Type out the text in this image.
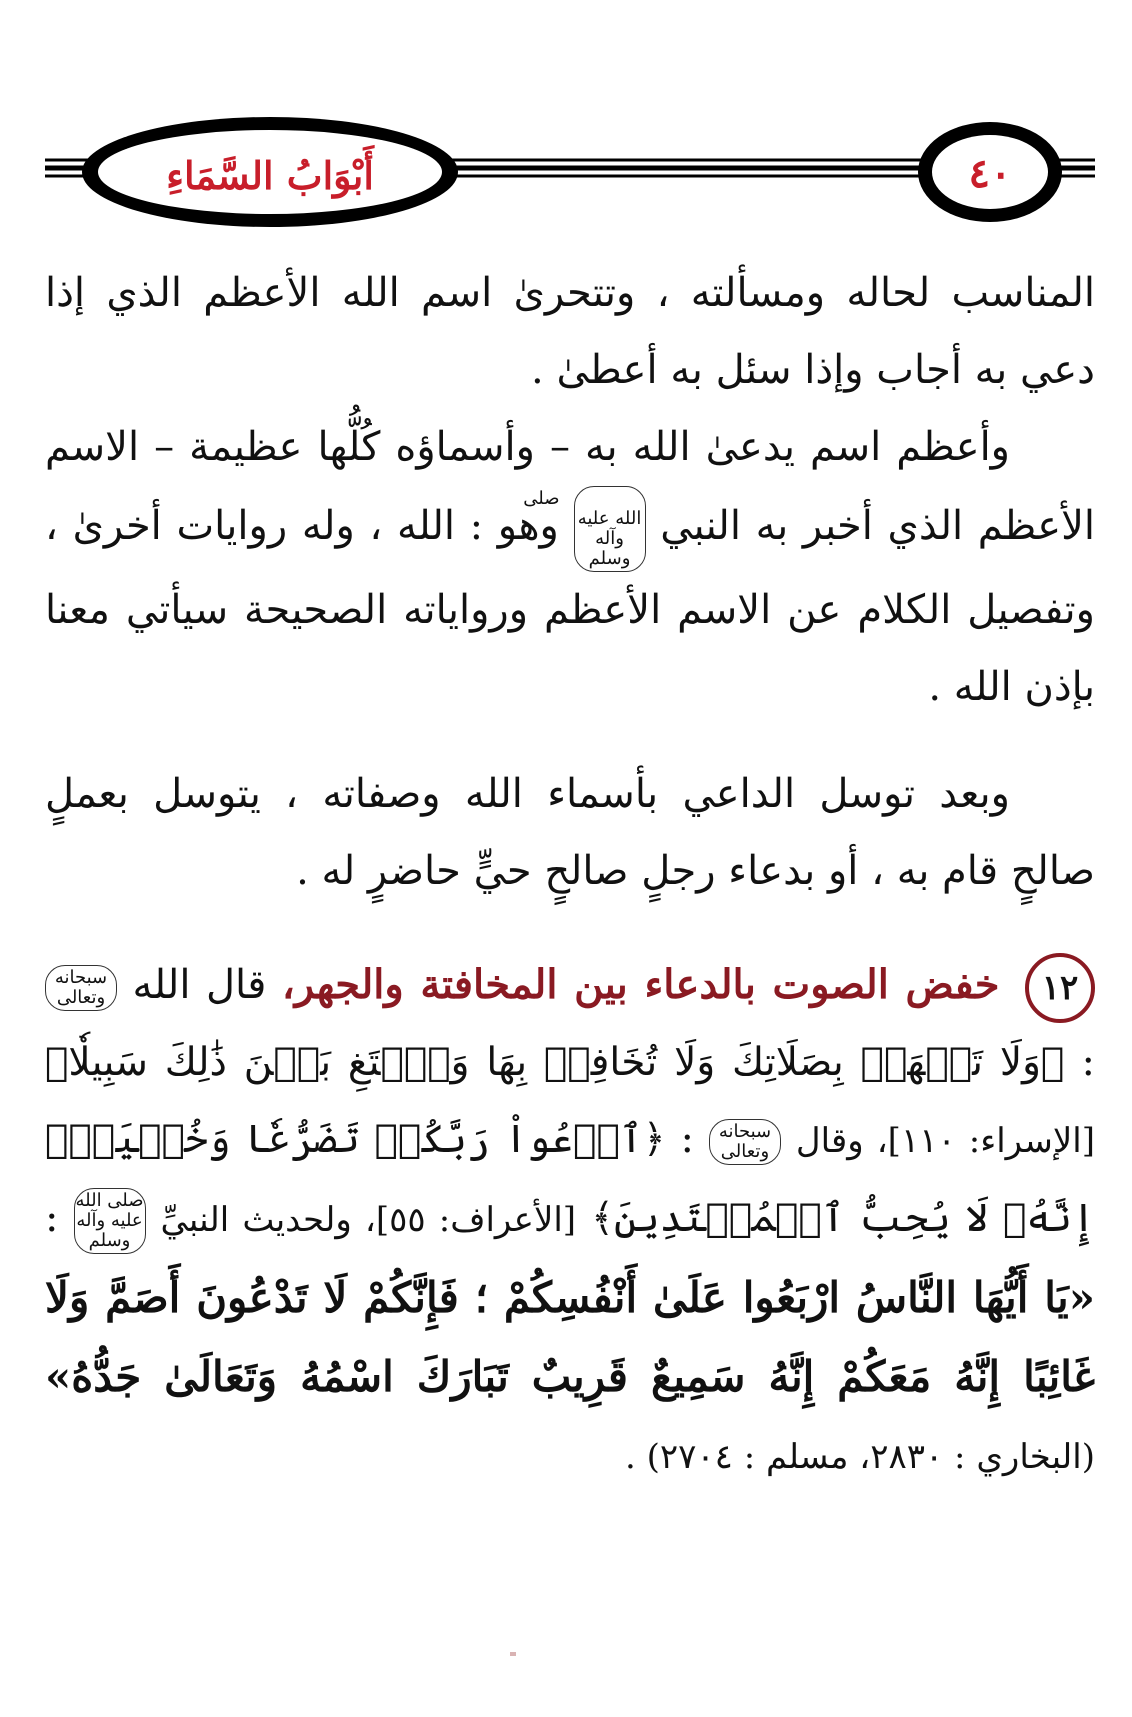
أَبْوَابُ السَّمَاءِ	٤٠

المناسب لحاله ومسألته ، وتتحرىٰ اسم الله الأعظم الذي إذا دعي به أجاب وإذا سئل به أعطىٰ .

وأعظم اسم يدعىٰ الله به – وأسماؤه كُلُّها عظيمة – الاسم الأعظم الذي أخبر به النبي صلى الله عليه وآله وسلم وهو : الله ، وله روايات أخرىٰ ، وتفصيل الكلام عن الاسم الأعظم ورواياته الصحيحة سيأتي معنا بإذن الله .

وبعد توسل الداعي بأسماء الله وصفاته ، يتوسل بعملٍ صالحٍ قام به ، أو بدعاء رجلٍ صالحٍ حيٍّ حاضرٍ له .

١٢ خفض الصوت بالدعاء بين المخافتة والجهر، قال الله سبحانه وتعالى : ﴿وَلَا تَجۡهَرۡ بِصَلَاتِكَ وَلَا تُخَافِتۡ بِهَا وَٱبۡتَغِ بَيۡنَ ذَٰلِكَ سَبِيلٗا﴾ [الإسراء: ١١٠]، وقال سبحانه وتعالى : ﴿ٱدۡعُواْ رَبَّكُمۡ تَضَرُّعٗا وَخُفۡيَةًۚ إِنَّهُۥ لَا يُحِبُّ ٱلۡمُعۡتَدِينَ﴾ [الأعراف: ٥٥]، ولحديث النبيِّ صلى الله عليه وآله وسلم : «يَا أَيُّهَا النَّاسُ ارْبَعُوا عَلَىٰ أَنْفُسِكُمْ ؛ فَإِنَّكُمْ لَا تَدْعُونَ أَصَمَّ وَلَا غَائِبًا إِنَّهُ مَعَكُمْ إِنَّهُ سَمِيعٌ قَرِيبٌ تَبَارَكَ اسْمُهُ وَتَعَالَىٰ جَدُّهُ» (البخاري : ٢٨٣٠، مسلم : ٢٧٠٤) .
